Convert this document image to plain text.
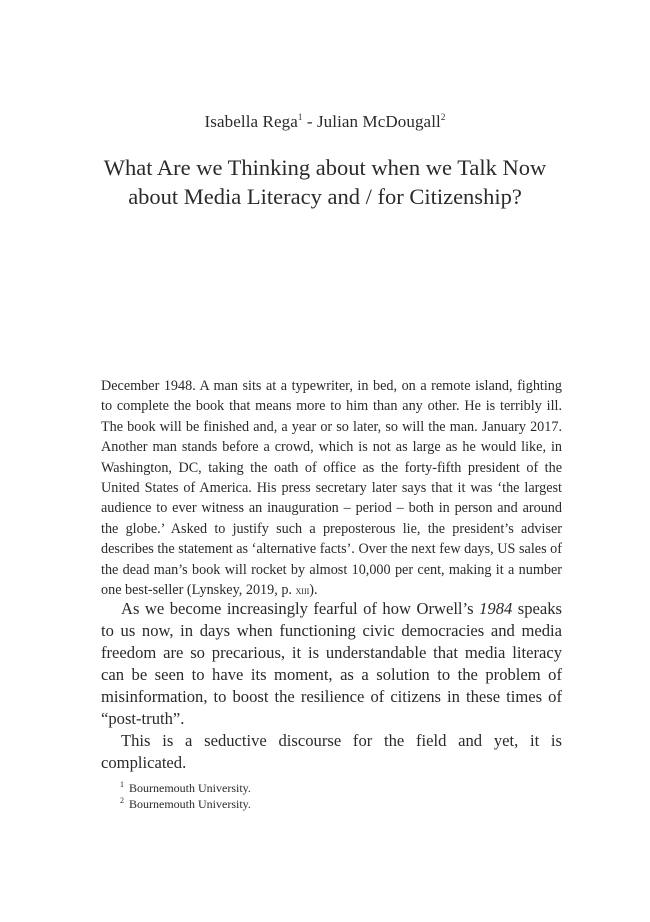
Isabella Rega$^1$ - Julian McDougall$^2$
What Are we Thinking about when we Talk Now
about Media Literacy and / for Citizenship?

December 1948. A man sits at a typewriter, in bed, on a remote island, fighting to complete the book that means more to him than any other. He is terribly ill. The book will be finished and, a year or so later, so will the man. January 2017. Another man stands before a crowd, which is not as large as he would like, in Washington, DC, taking the oath of office as the forty-fifth president of the United States of America. His press secretary later says that it was ‘the largest audience to ever witness an inauguration – period – both in person and around the globe.’ Asked to justify such a preposterous lie, the president’s adviser describes the statement as ‘alternative facts’. Over the next few days, US sales of the dead man’s book will rocket by almost 10,000 per cent, making it a number one best-seller (Lynskey, 2019, p. xiii).

As we become increasingly fearful of how Orwell’s 1984 speaks to us now, in days when functioning civic democracies and media freedom are so precarious, it is understandable that media literacy can be seen to have its moment, as a solution to the problem of misinformation, to boost the resilience of citizens in these times of “post-truth”.

This is a seductive discourse for the field and yet, it is complicated.

$^1$ Bournemouth University.
$^2$ Bournemouth University.
